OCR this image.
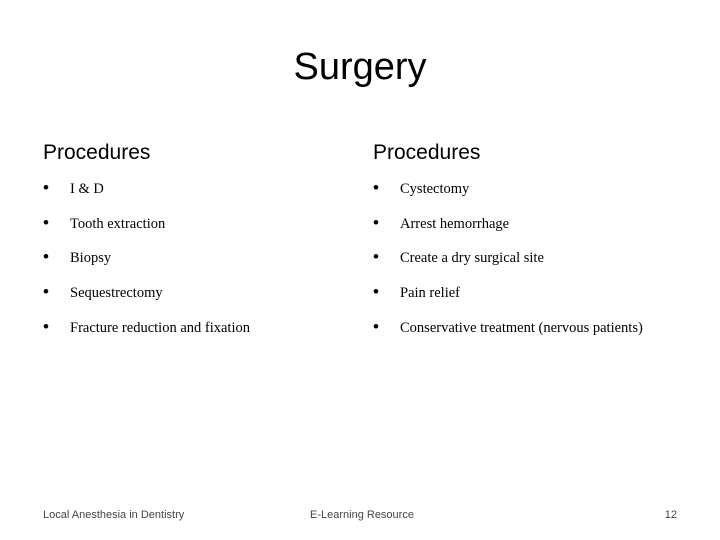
Surgery
Procedures
• I & D
• Tooth extraction
• Biopsy
• Sequestrectomy
• Fracture reduction and fixation
Procedures
• Cystectomy
• Arrest hemorrhage
• Create a dry surgical site
• Pain relief
• Conservative treatment (nervous patients)
Local Anesthesia in Dentistry	E-Learning Resource	12
